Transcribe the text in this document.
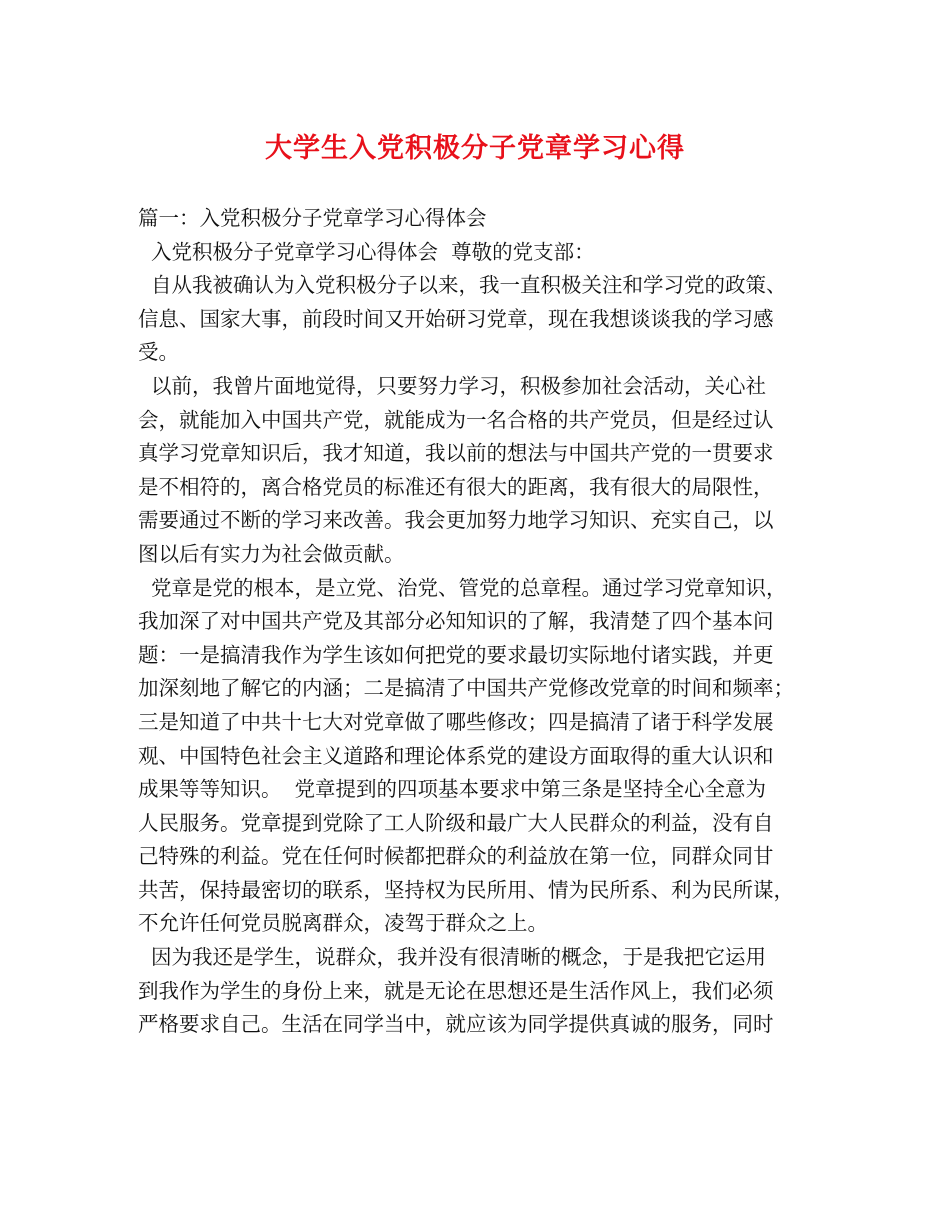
大学生入党积极分子党章学习心得
篇一：入党积极分子党章学习心得体会
入党积极分子党章学习心得体会  尊敬的党支部：
自从我被确认为入党积极分子以来，我一直积极关注和学习党的政策、
信息、国家大事，前段时间又开始研习党章，现在我想谈谈我的学习感
受。
以前，我曾片面地觉得，只要努力学习，积极参加社会活动，关心社
会，就能加入中国共产党，就能成为一名合格的共产党员，但是经过认
真学习党章知识后，我才知道，我以前的想法与中国共产党的一贯要求
是不相符的，离合格党员的标准还有很大的距离，我有很大的局限性，
需要通过不断的学习来改善。我会更加努力地学习知识、充实自己，以
图以后有实力为社会做贡献。
党章是党的根本，是立党、治党、管党的总章程。通过学习党章知识，
我加深了对中国共产党及其部分必知知识的了解，我清楚了四个基本问
题：一是搞清我作为学生该如何把党的要求最切实际地付诸实践，并更
加深刻地了解它的内涵；二是搞清了中国共产党修改党章的时间和频率；
三是知道了中共十七大对党章做了哪些修改；四是搞清了诸于科学发展
观、中国特色社会主义道路和理论体系党的建设方面取得的重大认识和
成果等等知识。  党章提到的四项基本要求中第三条是坚持全心全意为
人民服务。党章提到党除了工人阶级和最广大人民群众的利益，没有自
己特殊的利益。党在任何时候都把群众的利益放在第一位，同群众同甘
共苦，保持最密切的联系，坚持权为民所用、情为民所系、利为民所谋，
不允许任何党员脱离群众，凌驾于群众之上。
因为我还是学生，说群众，我并没有很清晰的概念，于是我把它运用
到我作为学生的身份上来，就是无论在思想还是生活作风上，我们必须
严格要求自己。生活在同学当中，就应该为同学提供真诚的服务，同时
